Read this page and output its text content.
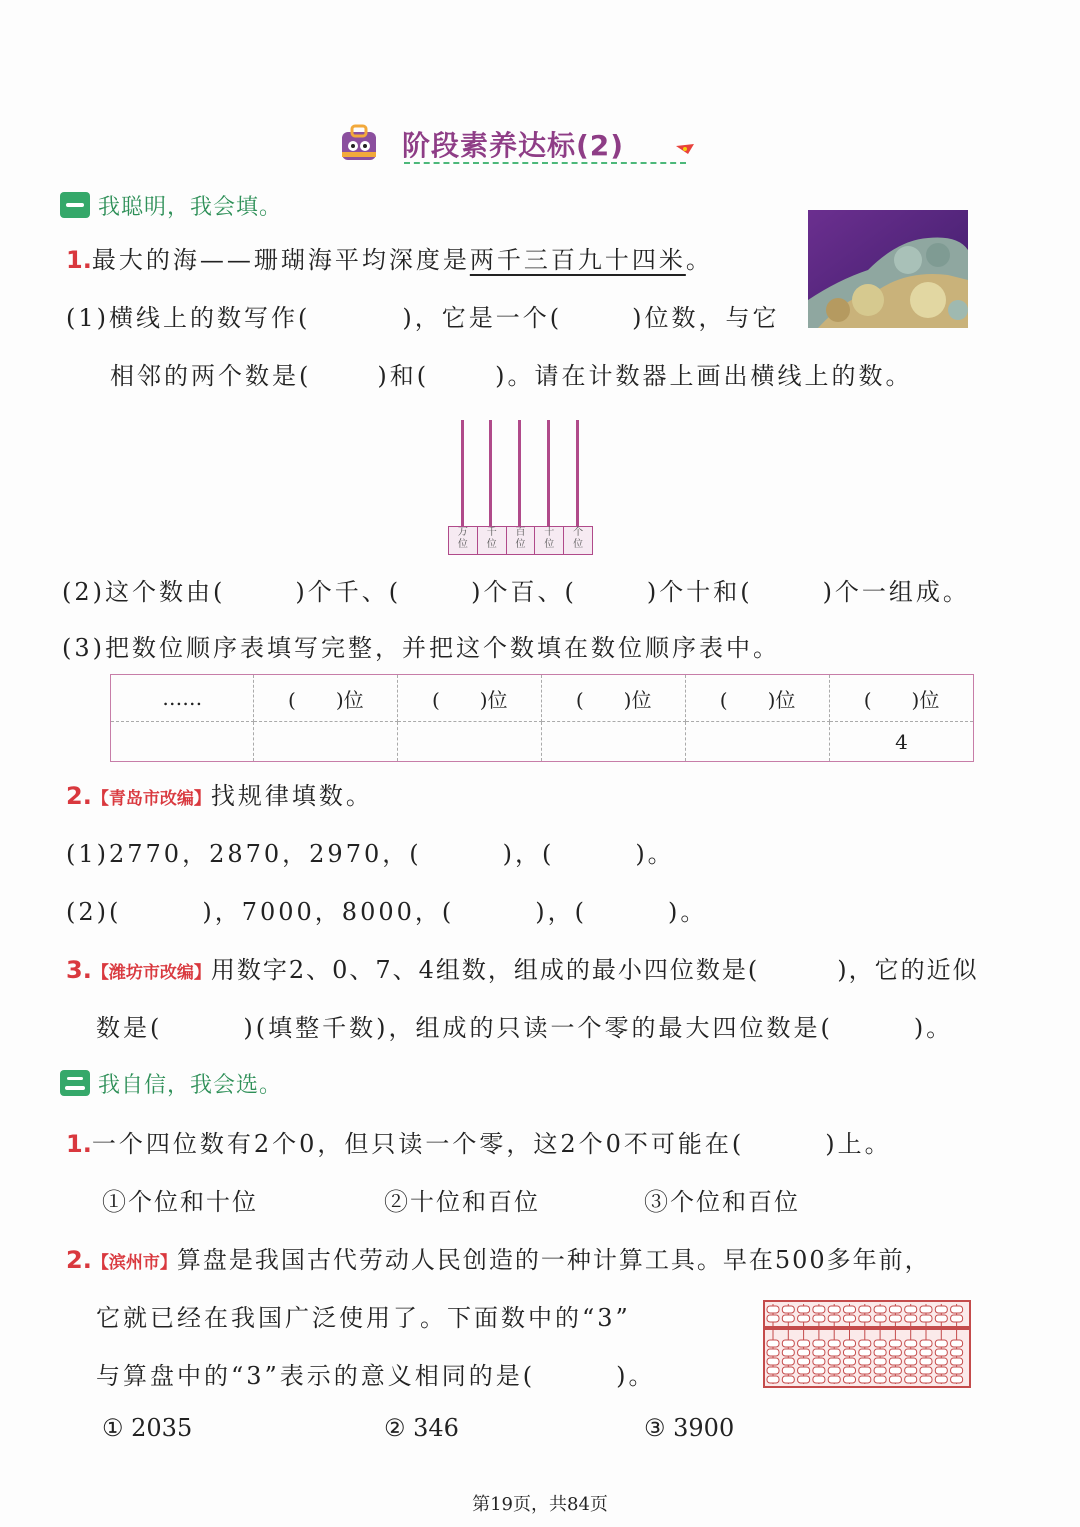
阶段素养达标(2)
我聪明，我会填。
1.最大的海——珊瑚海平均深度是两千三百九十四米。
(1)横线上的数写作(	)，它是一个(	)位数，与它
相邻的两个数是(	)和(	)。请在计数器上画出横线上的数。
万
位
千
位
百
位
十
位
个
位
(2)这个数由(	)个千、(	)个百、(	)个十和(	)个一组成。
(3)把数位顺序表填写完整，并把这个数填在数位顺序表中。
……	(　　)位	(　　)位	(　　)位	(　　)位	(　　)位
					4
2.【青岛市改编】找规律填数。
(1)2770，2870，2970，(　　　)，(　　　)。
(2)(　　　)，7000，8000，(　　　)，(　　　)。
3.【潍坊市改编】用数字2、0、7、4组数，组成的最小四位数是(　　　)，它的近似
数是(　　　)(填整千数)，组成的只读一个零的最大四位数是(　　　)。
我自信，我会选。
1.一个四位数有2个0，但只读一个零，这2个0不可能在(　　　)上。
①个位和十位	②十位和百位	③个位和百位
2.【滨州市】算盘是我国古代劳动人民创造的一种计算工具。早在500多年前，
它就已经在我国广泛使用了。下面数中的“3”
与算盘中的“3”表示的意义相同的是(　　　)。
① 2035	② 346	③ 3900
第19页，共84页
